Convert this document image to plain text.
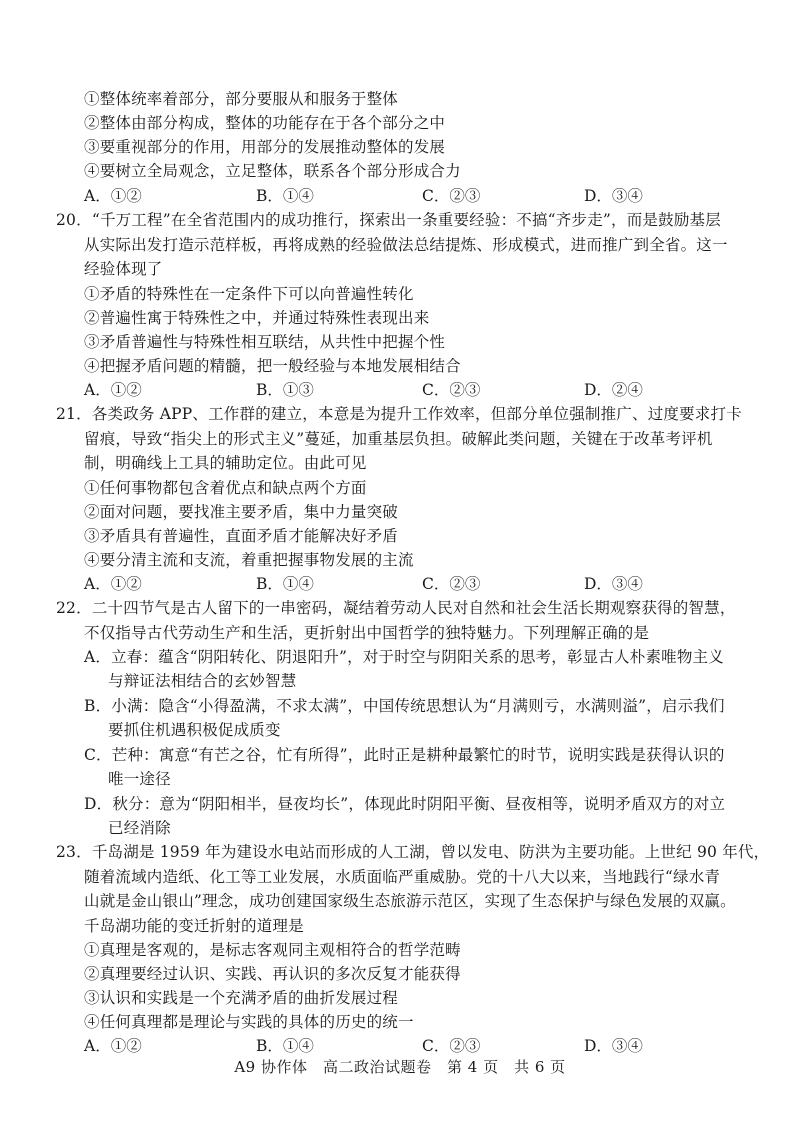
①整体统率着部分，部分要服从和服务于整体
②整体由部分构成，整体的功能存在于各个部分之中
③要重视部分的作用，用部分的发展推动整体的发展
④要树立全局观念，立足整体，联系各个部分形成合力
A．①②	B．①④	C．②③	D．③④
20．“千万工程”在全省范围内的成功推行，探索出一条重要经验：不搞“齐步走”，而是鼓励基层
从实际出发打造示范样板，再将成熟的经验做法总结提炼、形成模式，进而推广到全省。这一
经验体现了
①矛盾的特殊性在一定条件下可以向普遍性转化
②普遍性寓于特殊性之中，并通过特殊性表现出来
③矛盾普遍性与特殊性相互联结，从共性中把握个性
④把握矛盾问题的精髓，把一般经验与本地发展相结合
A．①②	B．①③	C．②③	D．②④
21．各类政务 APP、工作群的建立，本意是为提升工作效率，但部分单位强制推广、过度要求打卡
留痕，导致“指尖上的形式主义”蔓延，加重基层负担。破解此类问题，关键在于改革考评机
制，明确线上工具的辅助定位。由此可见
①任何事物都包含着优点和缺点两个方面
②面对问题，要找准主要矛盾，集中力量突破
③矛盾具有普遍性，直面矛盾才能解决好矛盾
④要分清主流和支流，着重把握事物发展的主流
A．①②	B．①④	C．②③	D．③④
22．二十四节气是古人留下的一串密码，凝结着劳动人民对自然和社会生活长期观察获得的智慧，
不仅指导古代劳动生产和生活，更折射出中国哲学的独特魅力。下列理解正确的是
A．立春：蕴含“阴阳转化、阴退阳升”，对于时空与阴阳关系的思考，彰显古人朴素唯物主义
与辩证法相结合的玄妙智慧
B．小满：隐含“小得盈满，不求太满”，中国传统思想认为“月满则亏，水满则溢”，启示我们
要抓住机遇积极促成质变
C．芒种：寓意“有芒之谷，忙有所得”，此时正是耕种最繁忙的时节，说明实践是获得认识的
唯一途径
D．秋分：意为“阴阳相半，昼夜均长”，体现此时阴阳平衡、昼夜相等，说明矛盾双方的对立
已经消除
23．千岛湖是 1959 年为建设水电站而形成的人工湖，曾以发电、防洪为主要功能。上世纪 90 年代，
随着流域内造纸、化工等工业发展，水质面临严重威胁。党的十八大以来，当地践行“绿水青
山就是金山银山”理念，成功创建国家级生态旅游示范区，实现了生态保护与绿色发展的双赢。
千岛湖功能的变迁折射的道理是
①真理是客观的，是标志客观同主观相符合的哲学范畴
②真理要经过认识、实践、再认识的多次反复才能获得
③认识和实践是一个充满矛盾的曲折发展过程
④任何真理都是理论与实践的具体的历史的统一
A．①②	B．①④	C．②③	D．③④
A9 协作体　高二政治试题卷　第 4 页　共 6 页
